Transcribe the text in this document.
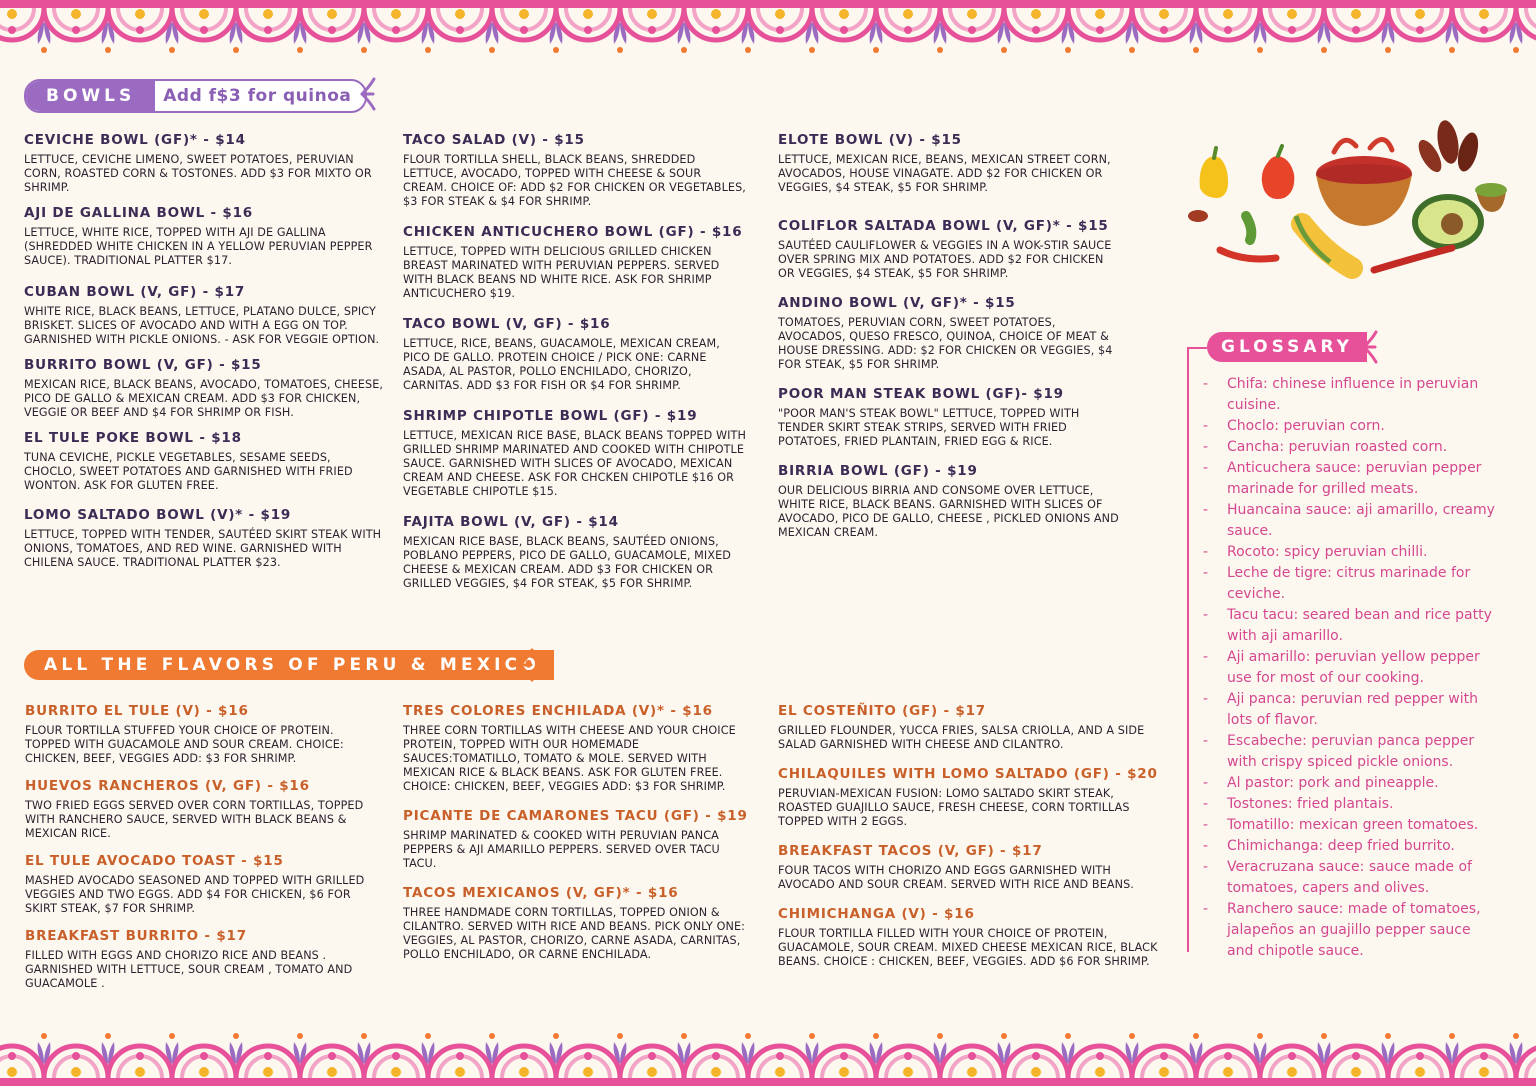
BOWLS	Add f$3 for quinoa
CEVICHE BOWL (GF)* - $14

LETTUCE, CEVICHE LIMENO, SWEET POTATOES, PERUVIAN CORN, ROASTED CORN & TOSTONES. ADD $3 FOR MIXTO OR SHRIMP.

AJI DE GALLINA BOWL - $16

LETTUCE, WHITE RICE, TOPPED WITH AJI DE GALLINA (SHREDDED WHITE CHICKEN IN A YELLOW PERUVIAN PEPPER SAUCE). TRADITIONAL PLATTER $17.

CUBAN BOWL (V, GF) - $17

WHITE RICE, BLACK BEANS, LETTUCE, PLATANO DULCE, SPICY BRISKET. SLICES OF AVOCADO AND WITH A EGG ON TOP. GARNISHED WITH PICKLE ONIONS. - ASK FOR VEGGIE OPTION.

BURRITO BOWL (V, GF) - $15

MEXICAN RICE, BLACK BEANS, AVOCADO, TOMATOES, CHEESE, PICO DE GALLO & MEXICAN CREAM. ADD $3 FOR CHICKEN, VEGGIE OR BEEF AND $4 FOR SHRIMP OR FISH.

EL TULE POKE BOWL - $18

TUNA CEVICHE, PICKLE VEGETABLES, SESAME SEEDS, CHOCLO, SWEET POTATOES AND GARNISHED WITH FRIED WONTON. ASK FOR GLUTEN FREE.

LOMO SALTADO BOWL (V)* - $19

LETTUCE, TOPPED WITH TENDER, SAUTÉED SKIRT STEAK WITH ONIONS, TOMATOES, AND RED WINE. GARNISHED WITH CHILENA SAUCE. TRADITIONAL PLATTER $23.

TACO SALAD (V) - $15

FLOUR TORTILLA SHELL, BLACK BEANS, SHREDDED LETTUCE, AVOCADO, TOPPED WITH CHEESE & SOUR CREAM. CHOICE OF: ADD $2 FOR CHICKEN OR VEGETABLES, $3 FOR STEAK & $4 FOR SHRIMP.

CHICKEN ANTICUCHERO BOWL (GF) - $16

LETTUCE, TOPPED WITH DELICIOUS GRILLED CHICKEN BREAST MARINATED WITH PERUVIAN PEPPERS. SERVED WITH BLACK BEANS ND WHITE RICE. ASK FOR SHRIMP ANTICUCHERO $19.

TACO BOWL (V, GF) - $16

LETTUCE, RICE, BEANS, GUACAMOLE, MEXICAN CREAM, PICO DE GALLO. PROTEIN CHOICE / PICK ONE: CARNE ASADA, AL PASTOR, POLLO ENCHILADO, CHORIZO, CARNITAS. ADD $3 FOR FISH OR $4 FOR SHRIMP.

SHRIMP CHIPOTLE BOWL (GF) - $19

LETTUCE, MEXICAN RICE BASE, BLACK BEANS TOPPED WITH GRILLED SHRIMP MARINATED AND COOKED WITH CHIPOTLE SAUCE. GARNISHED WITH SLICES OF AVOCADO, MEXICAN CREAM AND CHEESE. ASK FOR CHCKEN CHIPOTLE $16 OR VEGETABLE CHIPOTLE $15.

FAJITA BOWL (V, GF) - $14

MEXICAN RICE BASE, BLACK BEANS, SAUTÉED ONIONS, POBLANO PEPPERS, PICO DE GALLO, GUACAMOLE, MIXED CHEESE & MEXICAN CREAM. ADD $3 FOR CHICKEN OR GRILLED VEGGIES, $4 FOR STEAK, $5 FOR SHRIMP.

ELOTE BOWL (V) - $15

LETTUCE, MEXICAN RICE, BEANS, MEXICAN STREET CORN, AVOCADOS, HOUSE VINAGATE. ADD $2 FOR CHICKEN OR VEGGIES, $4 STEAK, $5 FOR SHRIMP.

COLIFLOR SALTADA BOWL (V, GF)* - $15

SAUTÉED CAULIFLOWER & VEGGIES IN A WOK-STIR SAUCE OVER SPRING MIX AND POTATOES. ADD $2 FOR CHICKEN OR VEGGIES, $4 STEAK, $5 FOR SHRIMP.

ANDINO BOWL (V, GF)* - $15

TOMATOES, PERUVIAN CORN, SWEET POTATOES, AVOCADOS, QUESO FRESCO, QUINOA, CHOICE OF MEAT & HOUSE DRESSING. ADD: $2 FOR CHICKEN OR VEGGIES, $4 FOR STEAK, $5 FOR SHRIMP.

POOR MAN STEAK BOWL (GF)- $19

"POOR MAN'S STEAK BOWL" LETTUCE, TOPPED WITH TENDER SKIRT STEAK STRIPS, SERVED WITH FRIED POTATOES, FRIED PLANTAIN, FRIED EGG & RICE.

BIRRIA BOWL (GF) - $19

OUR DELICIOUS BIRRIA AND CONSOME OVER LETTUCE, WHITE RICE, BLACK BEANS. GARNISHED WITH SLICES OF AVOCADO, PICO DE GALLO, CHEESE , PICKLED ONIONS AND MEXICAN CREAM.

ALL THE FLAVORS OF PERU & MEXICO
BURRITO EL TULE (V) - $16

FLOUR TORTILLA STUFFED YOUR CHOICE OF PROTEIN. TOPPED WITH GUACAMOLE AND SOUR CREAM. CHOICE: CHICKEN, BEEF, VEGGIES ADD: $3 FOR SHRIMP.

HUEVOS RANCHEROS (V, GF) - $16

TWO FRIED EGGS SERVED OVER CORN TORTILLAS, TOPPED WITH RANCHERO SAUCE, SERVED WITH BLACK BEANS & MEXICAN RICE.

EL TULE AVOCADO TOAST - $15

MASHED AVOCADO SEASONED AND TOPPED WITH GRILLED VEGGIES AND TWO EGGS. ADD $4 FOR CHICKEN, $6 FOR SKIRT STEAK, $7 FOR SHRIMP.

BREAKFAST BURRITO - $17

FILLED WITH EGGS AND CHORIZO RICE AND BEANS . GARNISHED WITH LETTUCE, SOUR CREAM , TOMATO AND GUACAMOLE .

TRES COLORES ENCHILADA (V)* - $16

THREE CORN TORTILLAS WITH CHEESE AND YOUR CHOICE PROTEIN, TOPPED WITH OUR HOMEMADE SAUCES:TOMATILLO, TOMATO & MOLE. SERVED WITH MEXICAN RICE & BLACK BEANS. ASK FOR GLUTEN FREE. CHOICE: CHICKEN, BEEF, VEGGIES ADD: $3 FOR SHRIMP.

PICANTE DE CAMARONES TACU (GF) - $19

SHRIMP MARINATED & COOKED WITH PERUVIAN PANCA PEPPERS & AJI AMARILLO PEPPERS. SERVED OVER TACU TACU.

TACOS MEXICANOS (V, GF)* - $16

THREE HANDMADE CORN TORTILLAS, TOPPED ONION & CILANTRO. SERVED WITH RICE AND BEANS. PICK ONLY ONE: VEGGIES, AL PASTOR, CHORIZO, CARNE ASADA, CARNITAS, POLLO ENCHILADO, OR CARNE ENCHILADA.

EL COSTEÑITO (GF) - $17

GRILLED FLOUNDER, YUCCA FRIES, SALSA CRIOLLA, AND A SIDE SALAD GARNISHED WITH CHEESE AND CILANTRO.

CHILAQUILES WITH LOMO SALTADO (GF) - $20

PERUVIAN-MEXICAN FUSION: LOMO SALTADO SKIRT STEAK, ROASTED GUAJILLO SAUCE, FRESH CHEESE, CORN TORTILLAS TOPPED WITH 2 EGGS.

BREAKFAST TACOS (V, GF) - $17

FOUR TACOS WITH CHORIZO AND EGGS GARNISHED WITH AVOCADO AND SOUR CREAM. SERVED WITH RICE AND BEANS.

CHIMICHANGA (V) - $16

FLOUR TORTILLA FILLED WITH YOUR CHOICE OF PROTEIN, GUACAMOLE, SOUR CREAM. MIXED CHEESE MEXICAN RICE, BLACK BEANS. CHOICE : CHICKEN, BEEF, VEGGIES. ADD $6 FOR SHRIMP.

GLOSSARY
- Chifa: chinese influence in peruvian cuisine.
- Choclo: peruvian corn.
- Cancha: peruvian roasted corn.
- Anticuchera sauce: peruvian pepper marinade for grilled meats.
- Huancaina sauce: aji amarillo, creamy sauce.
- Rocoto: spicy peruvian chilli.
- Leche de tigre: citrus marinade for ceviche.
- Tacu tacu: seared bean and rice patty with aji amarillo.
- Aji amarillo: peruvian yellow pepper use for most of our cooking.
- Aji panca: peruvian red pepper with lots of flavor.
- Escabeche: peruvian panca pepper with crispy spiced pickle onions.
- Al pastor: pork and pineapple.
- Tostones: fried plantais.
- Tomatillo: mexican green tomatoes.
- Chimichanga: deep fried burrito.
- Veracruzana sauce: sauce made of tomatoes, capers and olives.
- Ranchero sauce: made of tomatoes, jalapeños an guajillo pepper sauce and chipotle sauce.
